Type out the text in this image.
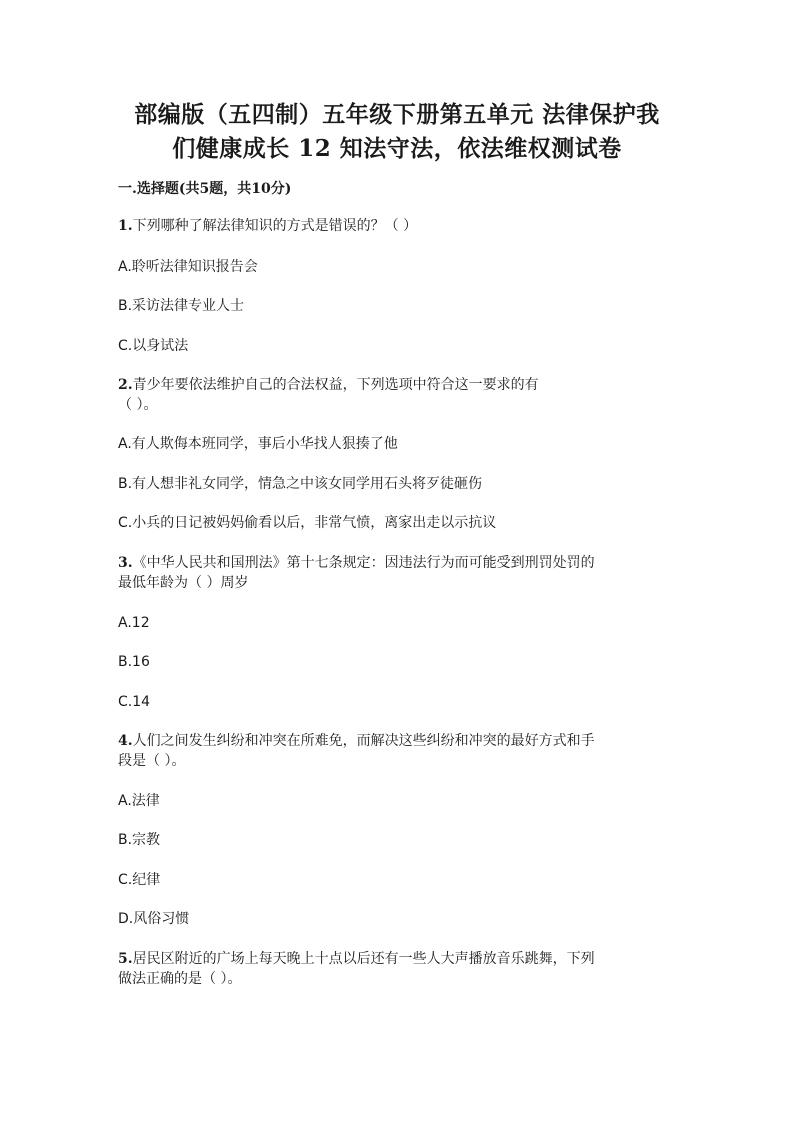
部编版（五四制）五年级下册第五单元 法律保护我
们健康成长 12 知法守法，依法维权测试卷
一.选择题(共5题，共10分)
1.下列哪种了解法律知识的方式是错误的？（ ）
A.聆听法律知识报告会
B.采访法律专业人士
C.以身试法
2.青少年要依法维护自己的合法权益，下列选项中符合这一要求的有
（ ）。
A.有人欺侮本班同学，事后小华找人狠揍了他
B.有人想非礼女同学，情急之中该女同学用石头将歹徒砸伤
C.小兵的日记被妈妈偷看以后，非常气愤，离家出走以示抗议
3.《中华人民共和国刑法》第十七条规定：因违法行为而可能受到刑罚处罚的
最低年龄为（ ）周岁
A.12
B.16
C.14
4.人们之间发生纠纷和冲突在所难免，而解决这些纠纷和冲突的最好方式和手
段是（ ）。
A.法律
B.宗教
C.纪律
D.风俗习惯
5.居民区附近的广场上每天晚上十点以后还有一些人大声播放音乐跳舞，下列
做法正确的是（ ）。
